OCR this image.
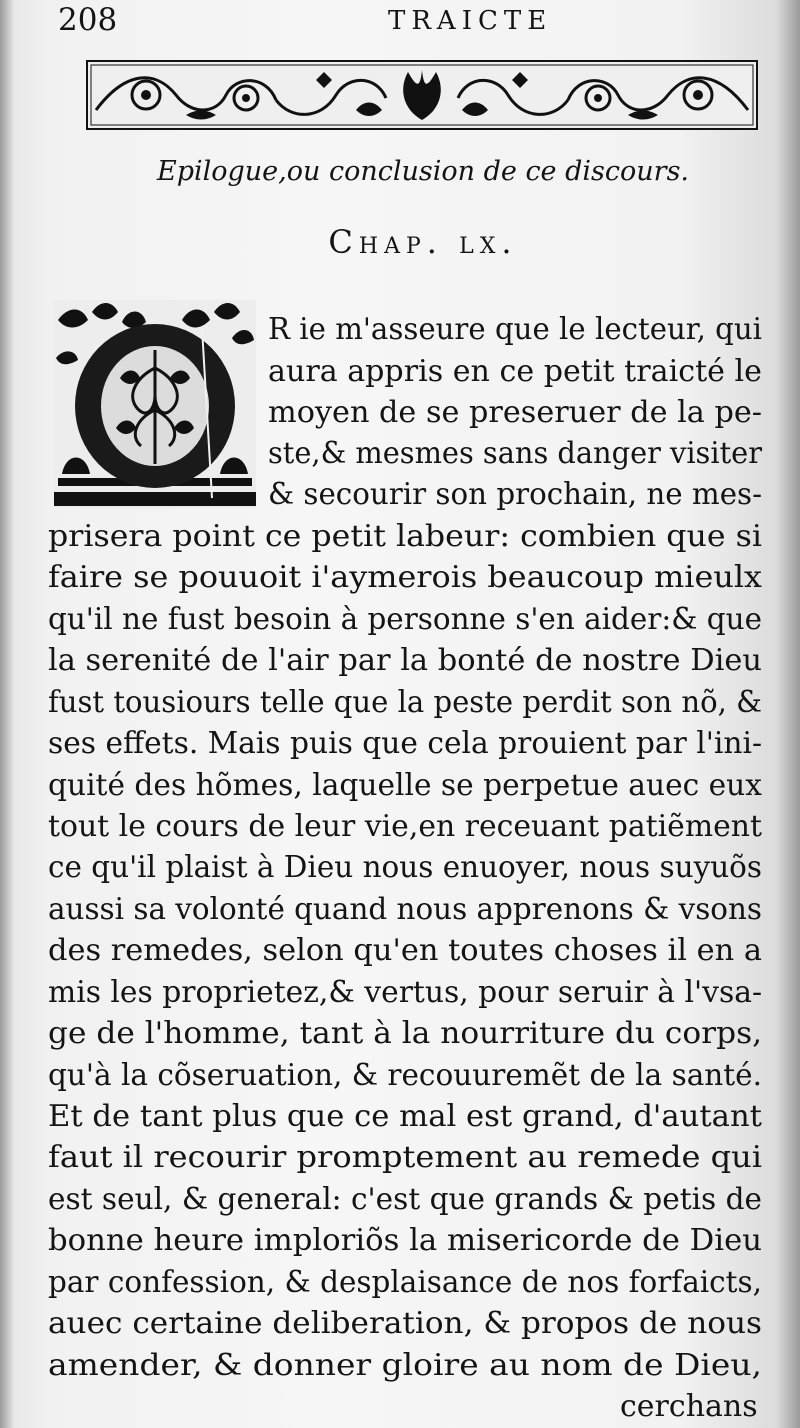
208	TRAICTE
Epilogue,ou conclusion de ce discours.
Chap. lx.
R ie m'asseure que le lecteur, qui
aura appris en ce petit traicté le
moyen de se preseruer de la pe-
ste,& mesmes sans danger visiter
& secourir son prochain, ne mes-
prisera point ce petit labeur: combien que si
faire se pouuoit i'aymerois beaucoup mieulx
qu'il ne fust besoin à personne s'en aider:& que
la serenité de l'air par la bonté de nostre Dieu
fust tousiours telle que la peste perdit son nõ, &
ses effets. Mais puis que cela prouient par l'ini-
quité des hõmes, laquelle se perpetue auec eux
tout le cours de leur vie,en receuant patiẽment
ce qu'il plaist à Dieu nous enuoyer, nous suyuõs
aussi sa volonté quand nous apprenons & vsons
des remedes, selon qu'en toutes choses il en a
mis les proprietez,& vertus, pour seruir à l'vsa-
ge de l'homme, tant à la nourriture du corps,
qu'à la cõseruation, & recouuremẽt de la santé.
Et de tant plus que ce mal est grand, d'autant
faut il recourir promptement au remede qui
est seul, & general: c'est que grands & petis de
bonne heure imploriõs la misericorde de Dieu
par confession, & desplaisance de nos forfaicts,
auec certaine deliberation, & propos de nous
amender, & donner gloire au nom de Dieu,
cerchans
